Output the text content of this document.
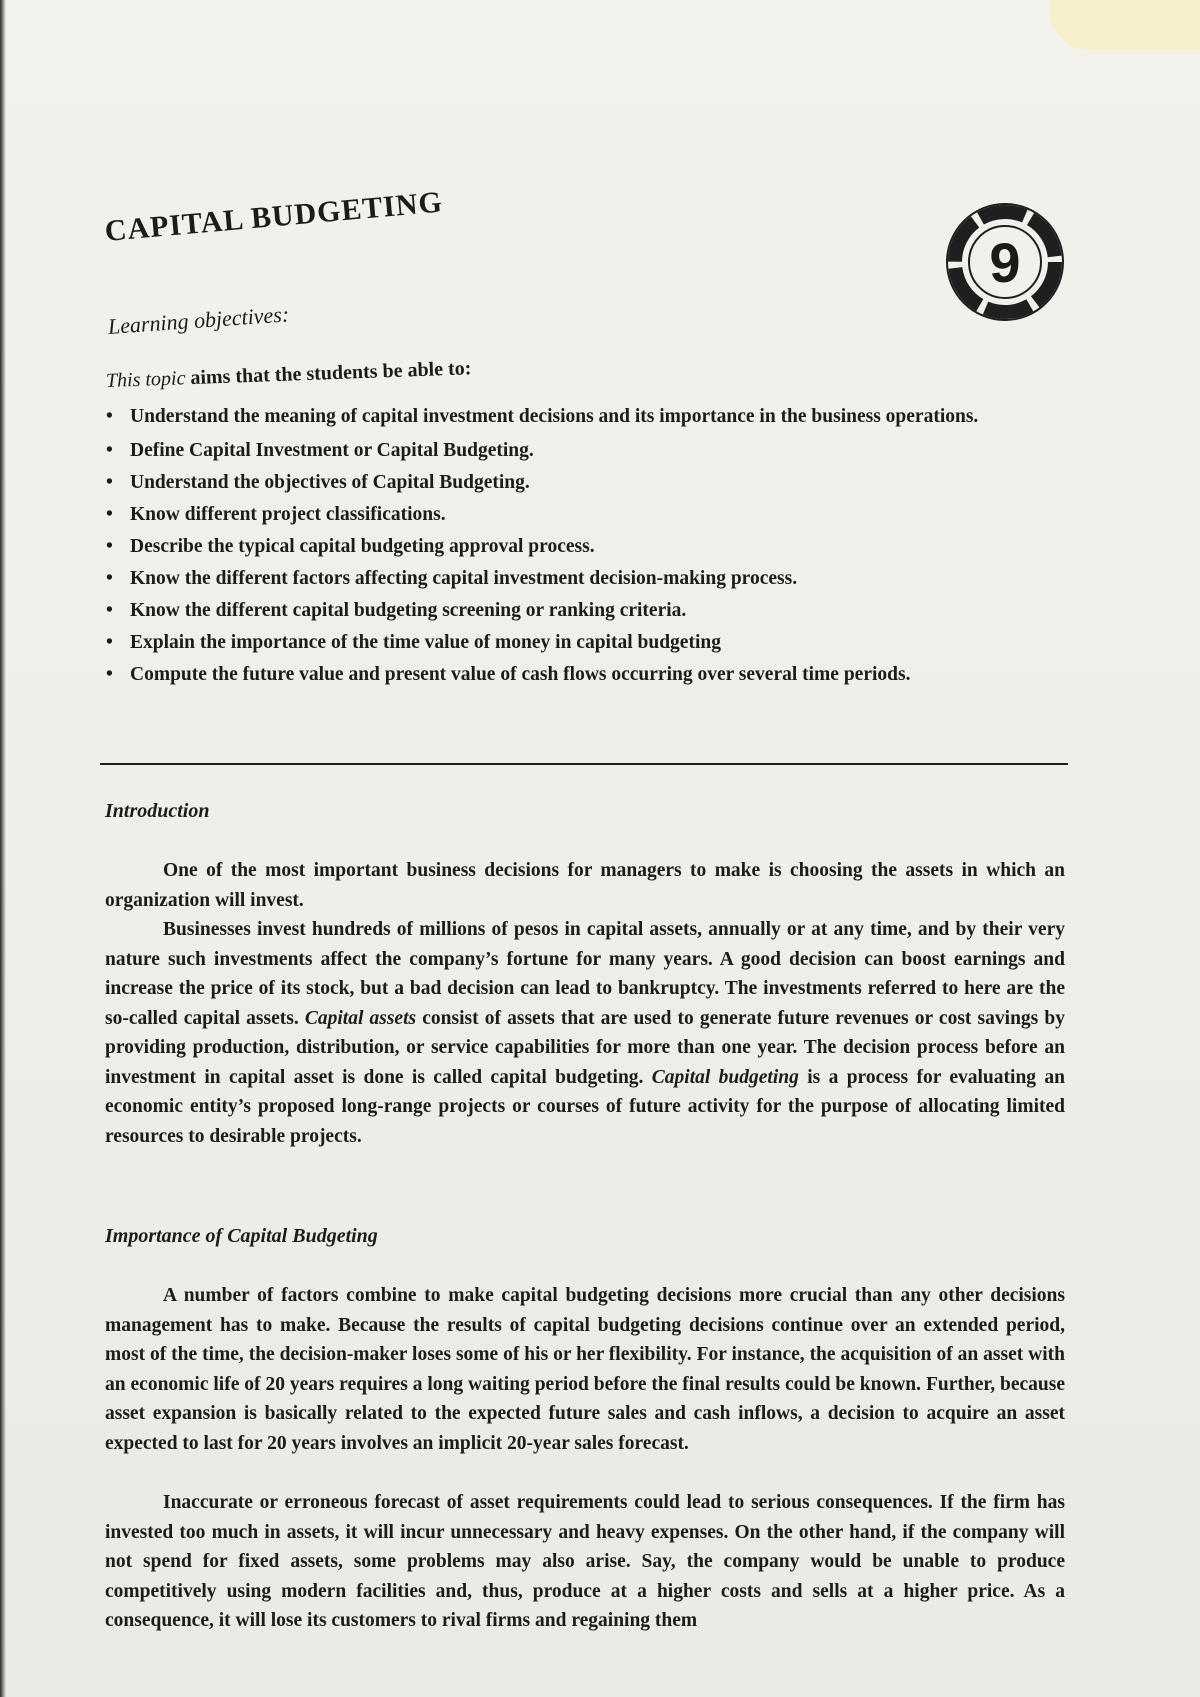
CAPITAL BUDGETING
9
Learning objectives:
This topic aims that the students be able to:
• Understand the meaning of capital investment decisions and its importance in the business operations.
• Define Capital Investment or Capital Budgeting.
• Understand the objectives of Capital Budgeting.
• Know different project classifications.
• Describe the typical capital budgeting approval process.
• Know the different factors affecting capital investment decision-making process.
• Know the different capital budgeting screening or ranking criteria.
• Explain the importance of the time value of money in capital budgeting
• Compute the future value and present value of cash flows occurring over several time periods.
Introduction

One of the most important business decisions for managers to make is choosing the assets in which an organization will invest.

Businesses invest hundreds of millions of pesos in capital assets, annually or at any time, and by their very nature such investments affect the company’s fortune for many years. A good decision can boost earnings and increase the price of its stock, but a bad decision can lead to bankruptcy. The investments referred to here are the so-called capital assets. Capital assets consist of assets that are used to generate future revenues or cost savings by providing production, distribution, or service capabilities for more than one year. The decision process before an investment in capital asset is done is called capital budgeting. Capital budgeting is a process for evaluating an economic entity’s proposed long-range projects or courses of future activity for the purpose of allocating limited resources to desirable projects.

Importance of Capital Budgeting

A number of factors combine to make capital budgeting decisions more crucial than any other decisions management has to make. Because the results of capital budgeting decisions continue over an extended period, most of the time, the decision-maker loses some of his or her flexibility. For instance, the acquisition of an asset with an economic life of 20 years requires a long waiting period before the final results could be known. Further, because asset expansion is basically related to the expected future sales and cash inflows, a decision to acquire an asset expected to last for 20 years involves an implicit 20-year sales forecast.

Inaccurate or erroneous forecast of asset requirements could lead to serious consequences. If the firm has invested too much in assets, it will incur unnecessary and heavy expenses. On the other hand, if the company will not spend for fixed assets, some problems may also arise. Say, the company would be unable to produce competitively using modern facilities and, thus, produce at a higher costs and sells at a higher price. As a consequence, it will lose its customers to rival firms and regaining them
